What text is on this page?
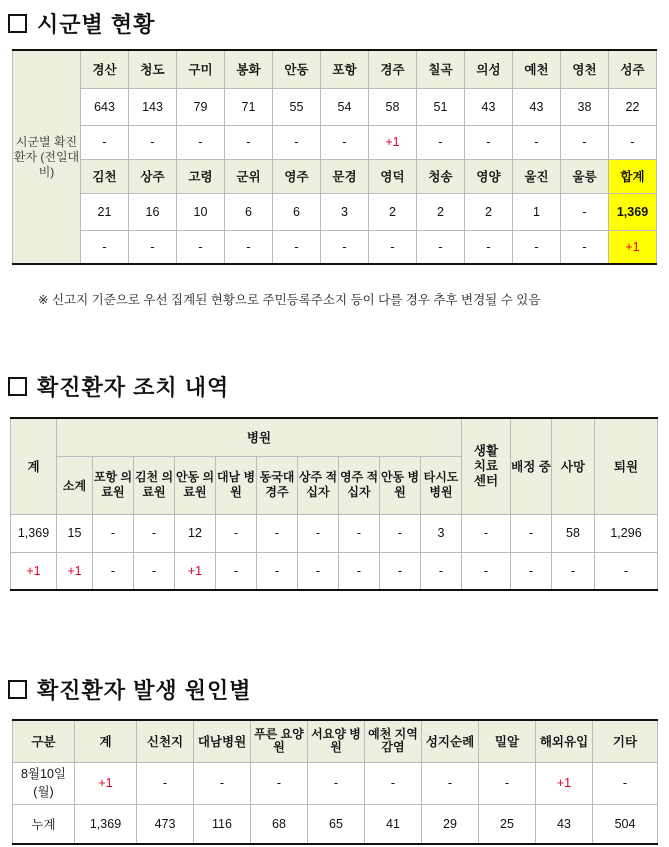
시군별 현황
시군별 확진환자 (전일대비)	경산	청도	구미	봉화	안동	포항	경주	칠곡	의성	예천	영천	성주
	643	143	79	71	55	54	58	51	43	43	38	22
	-	-	-	-	-	-	+1	-	-	-	-	-
	김천	상주	고령	군위	영주	문경	영덕	청송	영양	울진	울릉	합계
	21	16	10	6	6	3	2	2	2	1	-	1,369
	-	-	-	-	-	-	-	-	-	-	-	+1
※ 신고지 기준으로 우선 집계된 현황으로 주민등록주소지 등이 다를 경우 추후 변경될 수 있음
확진환자 조치 내역
계	병원										생활 치료 센터	배정 중	사망	퇴원
	소계	포항 의료원	김천 의료원	안동 의료원	대남 병원	동국대 경주	상주 적십자	영주 적십자	안동 병원	타시도 병원				
1,369	15	-	-	12	-	-	-	-	-	3	-	-	58	1,296
+1	+1	-	-	+1	-	-	-	-	-	-	-	-	-	-
확진환자 발생 원인별
구분	계	신천지	대남병원	푸른 요양원	서요양 병원	예천 지역감염	성지순례	밀알	해외유입	기타
8월10일 (월)	+1	-	-	-	-	-	-	-	+1	-
누계	1,369	473	116	68	65	41	29	25	43	504
